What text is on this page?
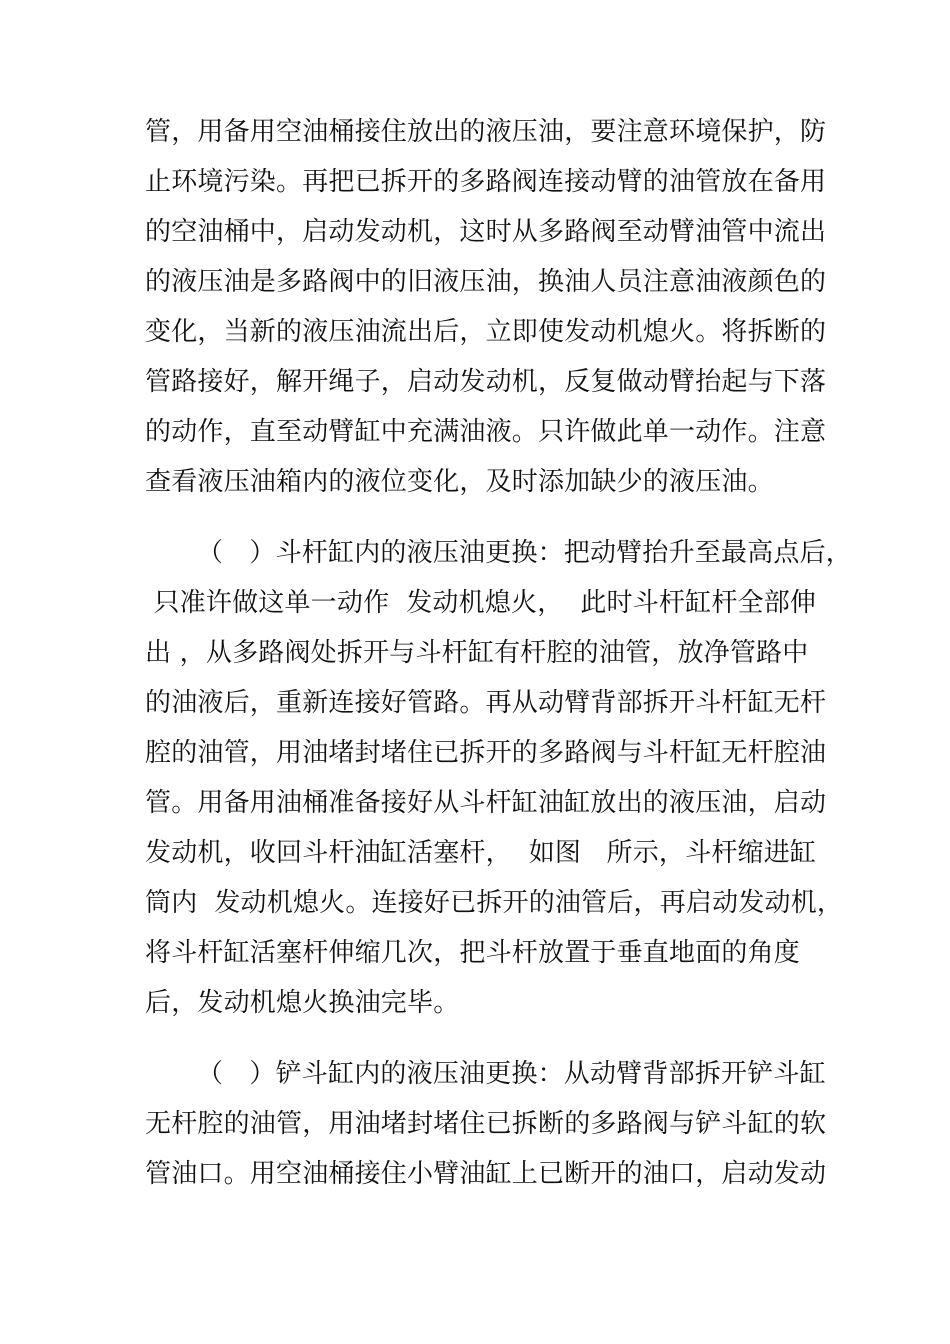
管，用备用空油桶接住放出的液压油，要注意环境保护，防
止环境污染。再把已拆开的多路阀连接动臂的油管放在备用
的空油桶中，启动发动机，这时从多路阀至动臂油管中流出
的液压油是多路阀中的旧液压油，换油人员注意油液颜色的
变化，当新的液压油流出后，立即使发动机熄火。将拆断的
管路接好，解开绳子，启动发动机，反复做动臂抬起与下落
的动作，直至动臂缸中充满油液。只许做此单一动作。注意
查看液压油箱内的液位变化，及时添加缺少的液压油。
（　）斗杆缸内的液压油更换：把动臂抬升至最高点后，
只准许做这单一动作  发动机熄火，  此时斗杆缸杆全部伸
出 ，从多路阀处拆开与斗杆缸有杆腔的油管，放净管路中
的油液后，重新连接好管路。再从动臂背部拆开斗杆缸无杆
腔的油管，用油堵封堵住已拆开的多路阀与斗杆缸无杆腔油
管。用备用油桶准备接好从斗杆缸油缸放出的液压油，启动
发动机，收回斗杆油缸活塞杆，  如图   所示，斗杆缩进缸
筒内  发动机熄火。连接好已拆开的油管后，再启动发动机，
将斗杆缸活塞杆伸缩几次，把斗杆放置于垂直地面的角度
后，发动机熄火换油完毕。
（　）铲斗缸内的液压油更换：从动臂背部拆开铲斗缸
无杆腔的油管，用油堵封堵住已拆断的多路阀与铲斗缸的软
管油口。用空油桶接住小臂油缸上已断开的油口，启动发动
